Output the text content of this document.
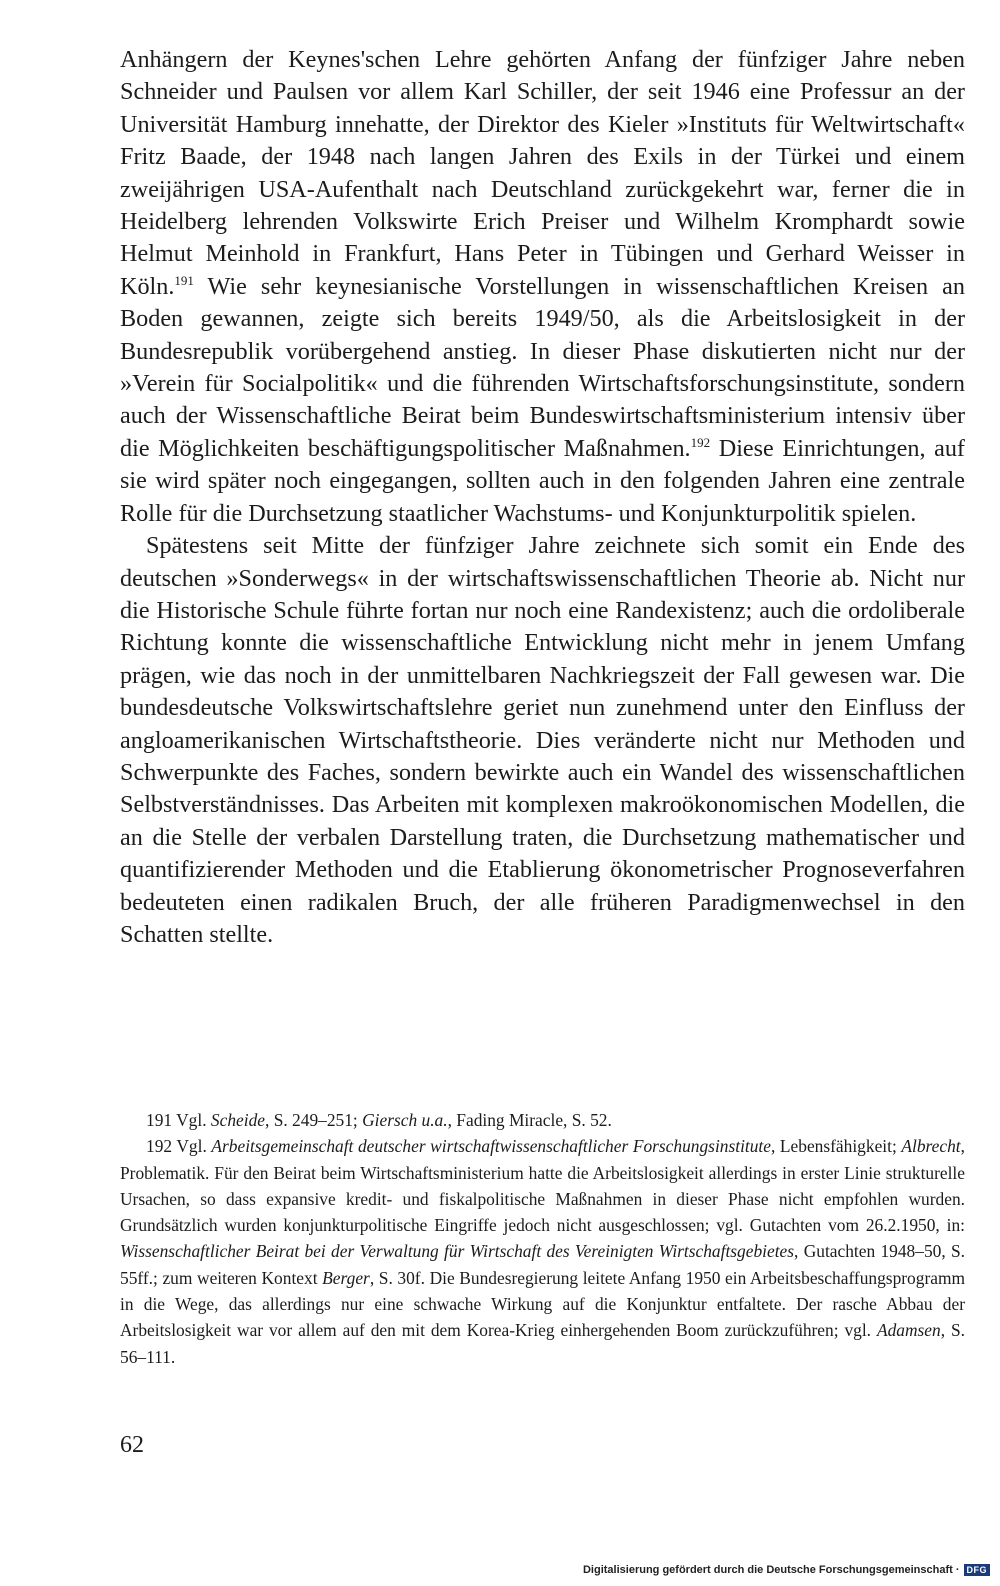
Anhängern der Keynes'schen Lehre gehörten Anfang der fünfziger Jahre neben Schneider und Paulsen vor allem Karl Schiller, der seit 1946 eine Professur an der Universität Hamburg innehatte, der Direktor des Kieler »Instituts für Weltwirtschaft« Fritz Baade, der 1948 nach langen Jahren des Exils in der Türkei und einem zweijährigen USA-Aufenthalt nach Deutschland zurückgekehrt war, ferner die in Heidelberg lehrenden Volkswirte Erich Preiser und Wilhelm Kromphardt sowie Helmut Meinhold in Frankfurt, Hans Peter in Tübingen und Gerhard Weisser in Köln.$^{191}$ Wie sehr keynesianische Vorstellungen in wissenschaftlichen Kreisen an Boden gewannen, zeigte sich bereits 1949/50, als die Arbeitslosigkeit in der Bundesrepublik vorübergehend anstieg. In dieser Phase diskutierten nicht nur der »Verein für Socialpolitik« und die führenden Wirtschaftsforschungsinstitute, sondern auch der Wissenschaftliche Beirat beim Bundeswirtschaftsministerium intensiv über die Möglichkeiten beschäftigungspolitischer Maßnahmen.$^{192}$ Diese Einrichtungen, auf sie wird später noch eingegangen, sollten auch in den folgenden Jahren eine zentrale Rolle für die Durchsetzung staatlicher Wachstums- und Konjunkturpolitik spielen.

Spätestens seit Mitte der fünfziger Jahre zeichnete sich somit ein Ende des deutschen »Sonderwegs« in der wirtschaftswissenschaftlichen Theorie ab. Nicht nur die Historische Schule führte fortan nur noch eine Randexistenz; auch die ordoliberale Richtung konnte die wissenschaftliche Entwicklung nicht mehr in jenem Umfang prägen, wie das noch in der unmittelbaren Nachkriegszeit der Fall gewesen war. Die bundesdeutsche Volkswirtschaftslehre geriet nun zunehmend unter den Einfluss der angloamerikanischen Wirtschaftstheorie. Dies veränderte nicht nur Methoden und Schwerpunkte des Faches, sondern bewirkte auch ein Wandel des wissenschaftlichen Selbstverständnisses. Das Arbeiten mit komplexen makroökonomischen Modellen, die an die Stelle der verbalen Darstellung traten, die Durchsetzung mathematischer und quantifizierender Methoden und die Etablierung ökonometrischer Prognoseverfahren bedeuteten einen radikalen Bruch, der alle früheren Paradigmenwechsel in den Schatten stellte.

191 Vgl. Scheide, S. 249–251; Giersch u.a., Fading Miracle, S. 52.

192 Vgl. Arbeitsgemeinschaft deutscher wirtschaftwissenschaftlicher Forschungsinstitute, Lebensfähigkeit; Albrecht, Problematik. Für den Beirat beim Wirtschaftsministerium hatte die Arbeitslosigkeit allerdings in erster Linie strukturelle Ursachen, so dass expansive kredit- und fiskalpolitische Maßnahmen in dieser Phase nicht empfohlen wurden. Grundsätzlich wurden konjunkturpolitische Eingriffe jedoch nicht ausgeschlossen; vgl. Gutachten vom 26.2.1950, in: Wissenschaftlicher Beirat bei der Verwaltung für Wirtschaft des Vereinigten Wirtschaftsgebietes, Gutachten 1948–50, S. 55ff.; zum weiteren Kontext Berger, S. 30f. Die Bundesregierung leitete Anfang 1950 ein Arbeitsbeschaffungsprogramm in die Wege, das allerdings nur eine schwache Wirkung auf die Konjunktur entfaltete. Der rasche Abbau der Arbeitslosigkeit war vor allem auf den mit dem Korea-Krieg einhergehenden Boom zurückzuführen; vgl. Adamsen, S. 56–111.

62
Digitalisierung gefördert durch die Deutsche Forschungsgemeinschaft · DFG
